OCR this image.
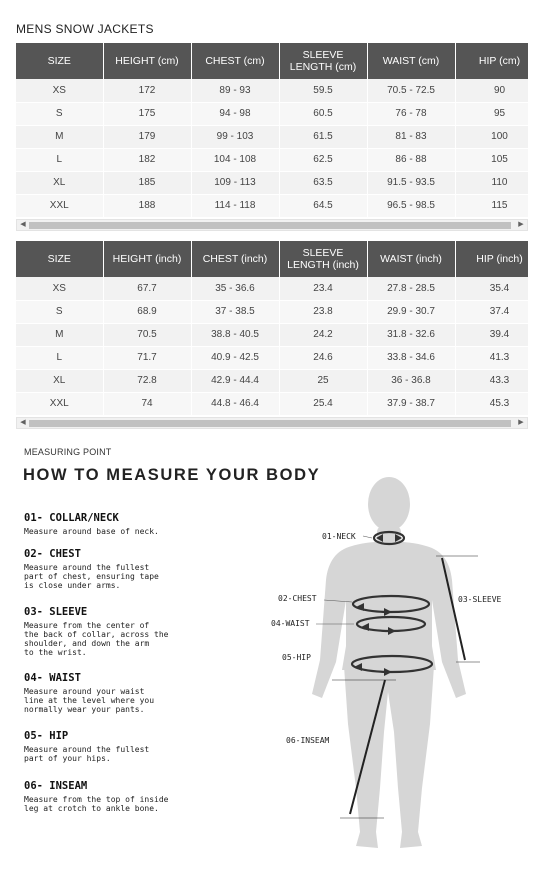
MENS SNOW JACKETS
SIZE	HEIGHT (cm)	CHEST (cm)	SLEEVE LENGTH (cm)	WAIST (cm)	HIP (cm)
XS	172	89 - 93	59.5	70.5 - 72.5	90
S	175	94 - 98	60.5	76 - 78	95
M	179	99 - 103	61.5	81 - 83	100
L	182	104 - 108	62.5	86 - 88	105
XL	185	109 - 113	63.5	91.5 - 93.5	110
XXL	188	114 - 118	64.5	96.5 - 98.5	115
◀	▶
SIZE	HEIGHT (inch)	CHEST (inch)	SLEEVE LENGTH (inch)	WAIST (inch)	HIP (inch)
XS	67.7	35 - 36.6	23.4	27.8 - 28.5	35.4
S	68.9	37 - 38.5	23.8	29.9 - 30.7	37.4
M	70.5	38.8 - 40.5	24.2	31.8 - 32.6	39.4
L	71.7	40.9 - 42.5	24.6	33.8 - 34.6	41.3
XL	72.8	42.9 - 44.4	25	36 - 36.8	43.3
XXL	74	44.8 - 46.4	25.4	37.9 - 38.7	45.3
◀	▶
MEASURING POINT
HOW TO MEASURE YOUR BODY
01- COLLAR/NECK
Measure around base of neck.
02- CHEST
Measure around the fullest
part of chest, ensuring tape
is close under arms.
03- SLEEVE
Measure from the center of
the back of collar, across the
shoulder, and down the arm
to the wrist.
04- WAIST
Measure around your waist
line at the level where you
normally wear your pants.
05- HIP
Measure around the fullest
part of your hips.
06- INSEAM
Measure from the top of inside
leg at crotch to ankle bone.
01-NECK
02-CHEST	03-SLEEVE
04-WAIST
05-HIP
06-INSEAM
